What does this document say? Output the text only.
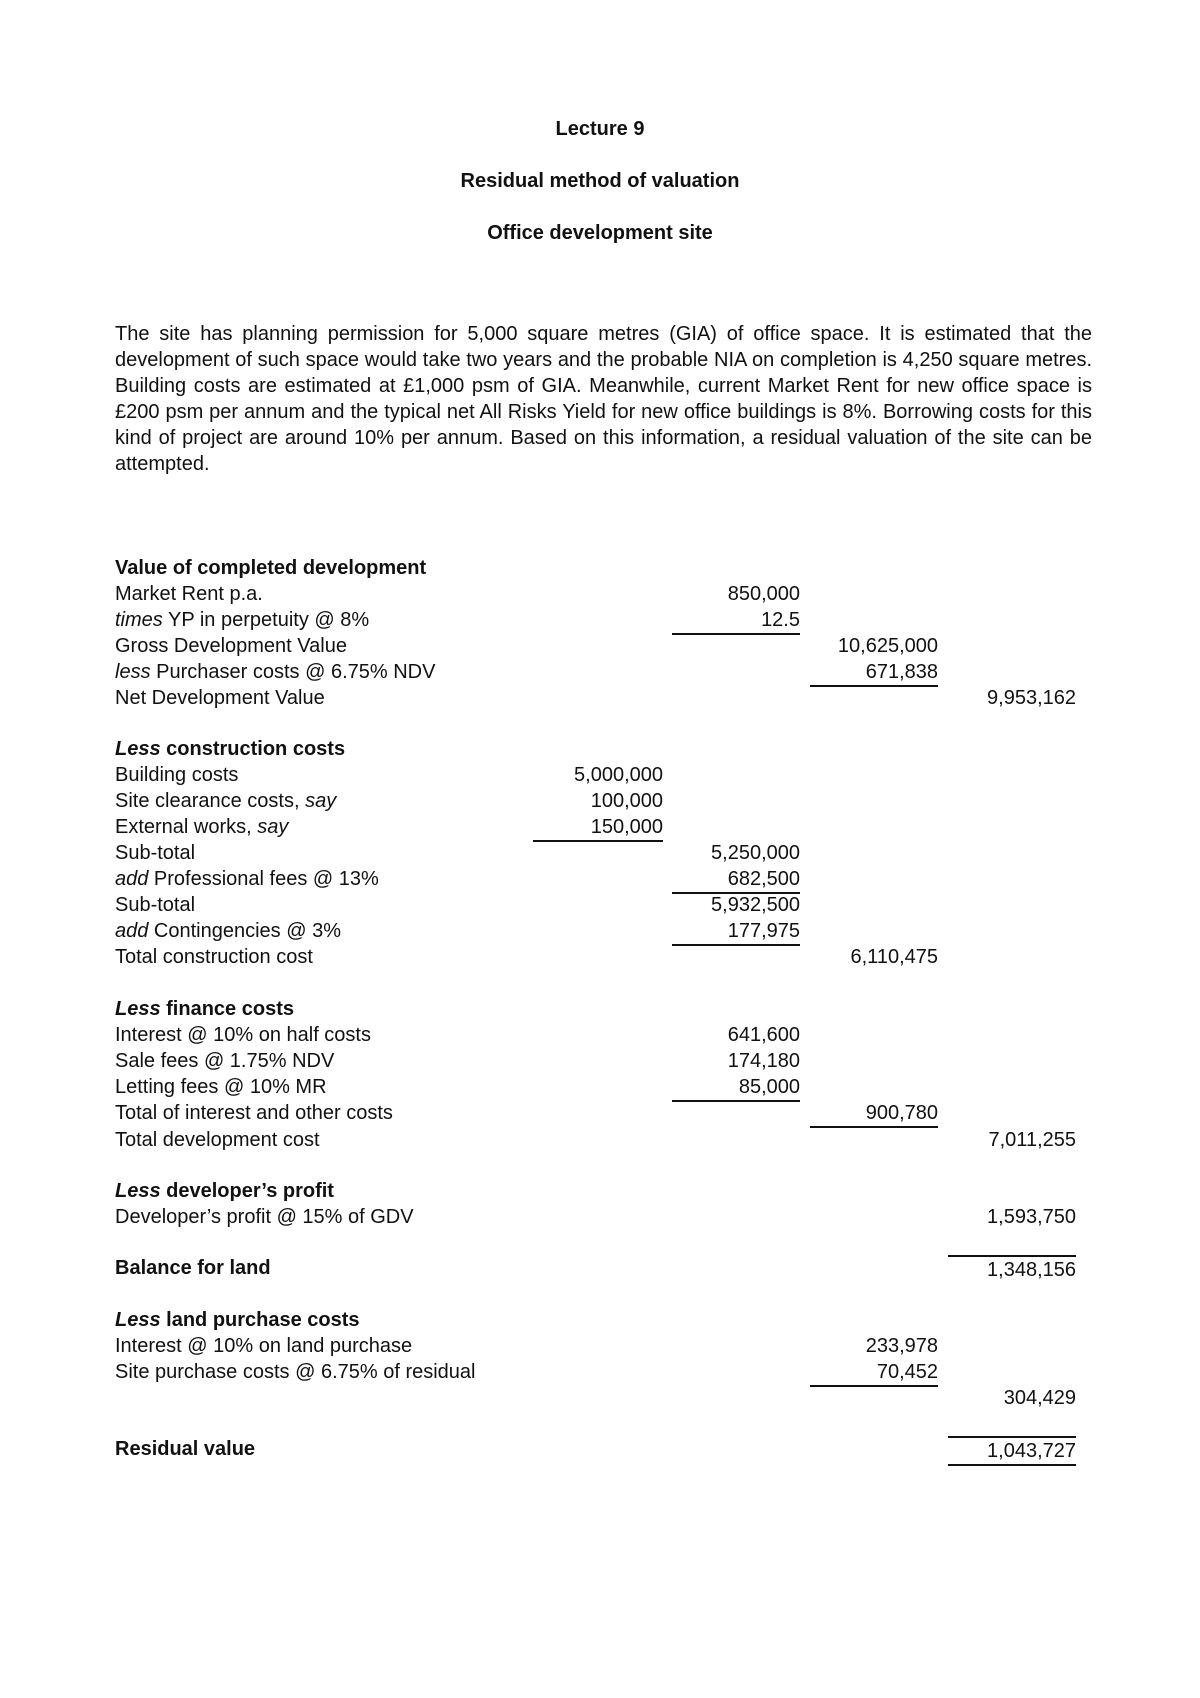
Lecture 9
Residual method of valuation
Office development site

The site has planning permission for 5,000 square metres (GIA) of office space. It is estimated that the development of such space would take two years and the probable NIA on completion is 4,250 square metres. Building costs are estimated at £1,000 psm of GIA. Meanwhile, current Market Rent for new office space is £200 psm per annum and the typical net All Risks Yield for new office buildings is 8%. Borrowing costs for this kind of project are around 10% per annum. Based on this information, a residual valuation of the site can be attempted.

Value of completed development
Market Rent p.a.	850,000
times YP in perpetuity @ 8%	12.5
Gross Development Value	10,625,000
less Purchaser costs @ 6.75% NDV	671,838
Net Development Value	9,953,162
Less construction costs
Building costs	5,000,000
Site clearance costs, say	100,000
External works, say	150,000
Sub-total	5,250,000
add Professional fees @ 13%	682,500
Sub-total	5,932,500
add Contingencies @ 3%	177,975
Total construction cost	6,110,475
Less finance costs
Interest @ 10% on half costs	641,600
Sale fees @ 1.75% NDV	174,180
Letting fees @ 10% MR	85,000
Total of interest and other costs	900,780
Total development cost	7,011,255
Less developer’s profit
Developer’s profit @ 15% of GDV	1,593,750
Balance for land	1,348,156
Less land purchase costs
Interest @ 10% on land purchase	233,978
Site purchase costs @ 6.75% of residual	70,452
304,429
Residual value	1,043,727
